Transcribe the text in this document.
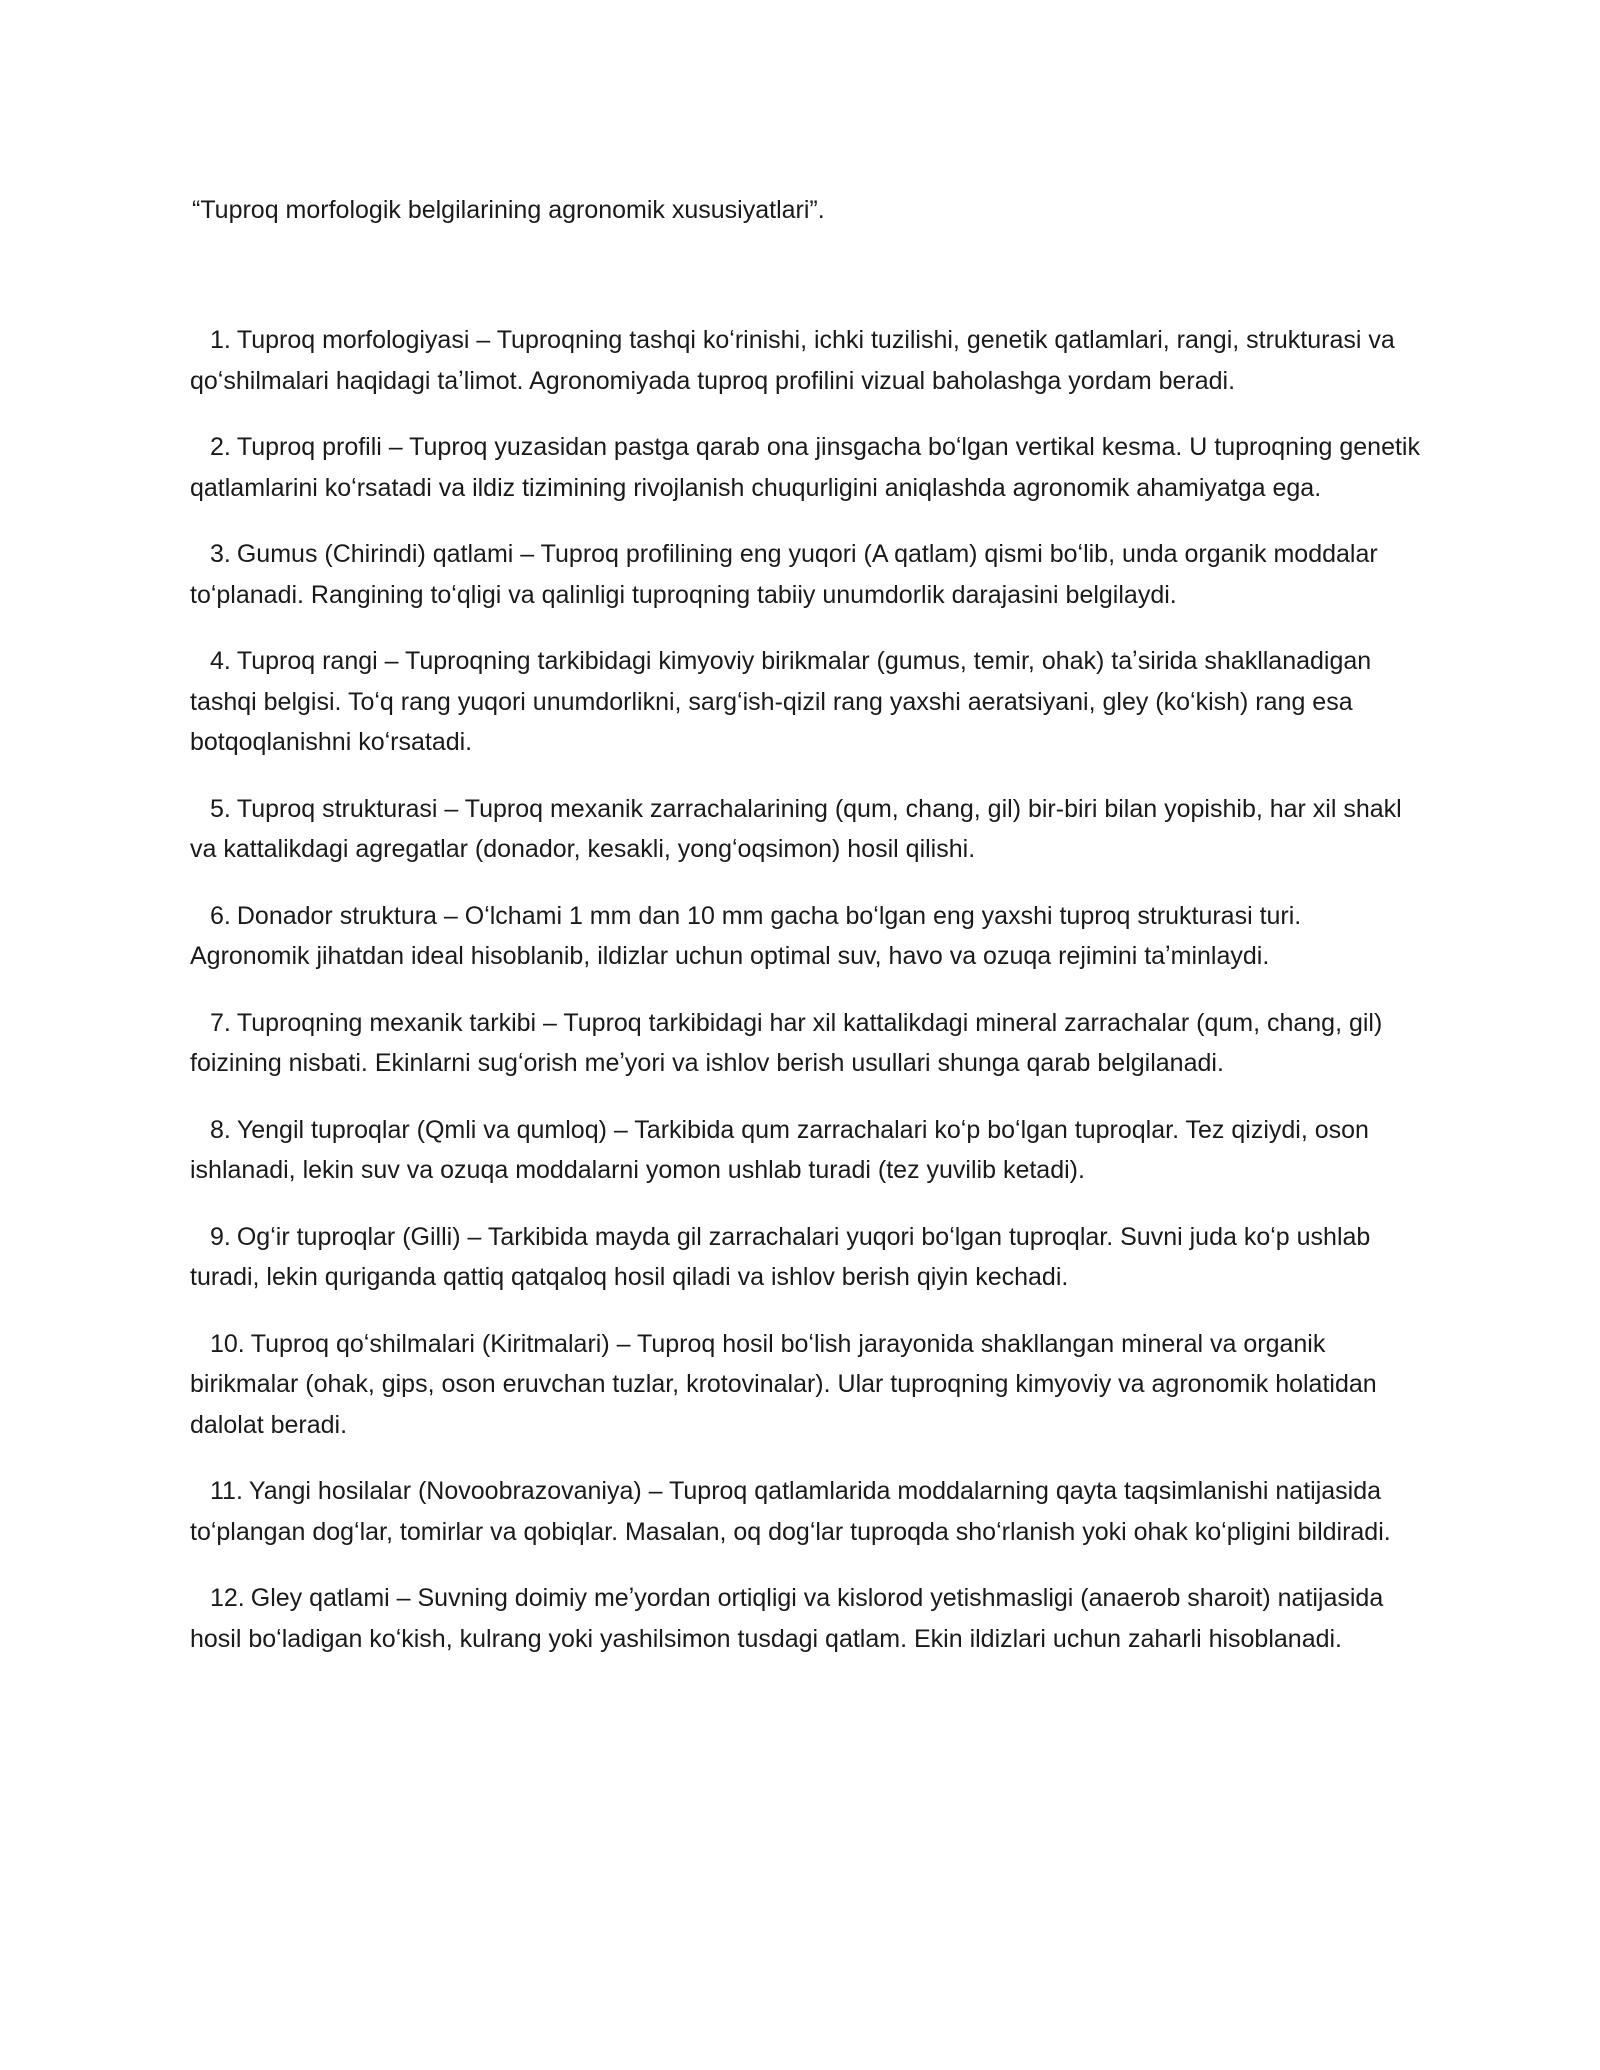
“Tuproq morfologik belgilarining agronomik xususiyatlari”.
1. Tuproq morfologiyasi – Tuproqning tashqi koʻrinishi, ichki tuzilishi, genetik qatlamlari, rangi, strukturasi va qoʻshilmalari haqidagi taʼlimot. Agronomiyada tuproq profilini vizual baholashga yordam beradi.
2. Tuproq profili – Tuproq yuzasidan pastga qarab ona jinsgacha boʻlgan vertikal kesma. U tuproqning genetik qatlamlarini koʻrsatadi va ildiz tizimining rivojlanish chuqurligini aniqlashda agronomik ahamiyatga ega.
3. Gumus (Chirindi) qatlami – Tuproq profilining eng yuqori (A qatlam) qismi boʻlib, unda organik moddalar toʻplanadi. Rangining toʻqligi va qalinligi tuproqning tabiiy unumdorlik darajasini belgilaydi.
4. Tuproq rangi – Tuproqning tarkibidagi kimyoviy birikmalar (gumus, temir, ohak) taʼsirida shakllanadigan tashqi belgisi. Toʻq rang yuqori unumdorlikni, sargʻish-qizil rang yaxshi aeratsiyani, gley (koʻkish) rang esa botqoqlanishni koʻrsatadi.
5. Tuproq strukturasi – Tuproq mexanik zarrachalarining (qum, chang, gil) bir-biri bilan yopishib, har xil shakl va kattalikdagi agregatlar (donador, kesakli, yongʻoqsimon) hosil qilishi.
6. Donador struktura – Oʻlchami 1 mm dan 10 mm gacha boʻlgan eng yaxshi tuproq strukturasi turi. Agronomik jihatdan ideal hisoblanib, ildizlar uchun optimal suv, havo va ozuqa rejimini taʼminlaydi.
7. Tuproqning mexanik tarkibi – Tuproq tarkibidagi har xil kattalikdagi mineral zarrachalar (qum, chang, gil) foizining nisbati. Ekinlarni sugʻorish meʼyori va ishlov berish usullari shunga qarab belgilanadi.
8. Yengil tuproqlar (Qmli va qumloq) – Tarkibida qum zarrachalari koʻp boʻlgan tuproqlar. Tez qiziydi, oson ishlanadi, lekin suv va ozuqa moddalarni yomon ushlab turadi (tez yuvilib ketadi).
9. Ogʻir tuproqlar (Gilli) – Tarkibida mayda gil zarrachalari yuqori boʻlgan tuproqlar. Suvni juda koʻp ushlab turadi, lekin quriganda qattiq qatqaloq hosil qiladi va ishlov berish qiyin kechadi.
10. Tuproq qoʻshilmalari (Kiritmalari) – Tuproq hosil boʻlish jarayonida shakllangan mineral va organik birikmalar (ohak, gips, oson eruvchan tuzlar, krotovinalar). Ular tuproqning kimyoviy va agronomik holatidan dalolat beradi.
11. Yangi hosilalar (Novoobrazovaniya) – Tuproq qatlamlarida moddalarning qayta taqsimlanishi natijasida toʻplangan dogʻlar, tomirlar va qobiqlar. Masalan, oq dogʻlar tuproqda shoʻrlanish yoki ohak koʻpligini bildiradi.
12. Gley qatlami – Suvning doimiy meʼyordan ortiqligi va kislorod yetishmasligi (anaerob sharoit) natijasida hosil boʻladigan koʻkish, kulrang yoki yashilsimon tusdagi qatlam. Ekin ildizlari uchun zaharli hisoblanadi.
